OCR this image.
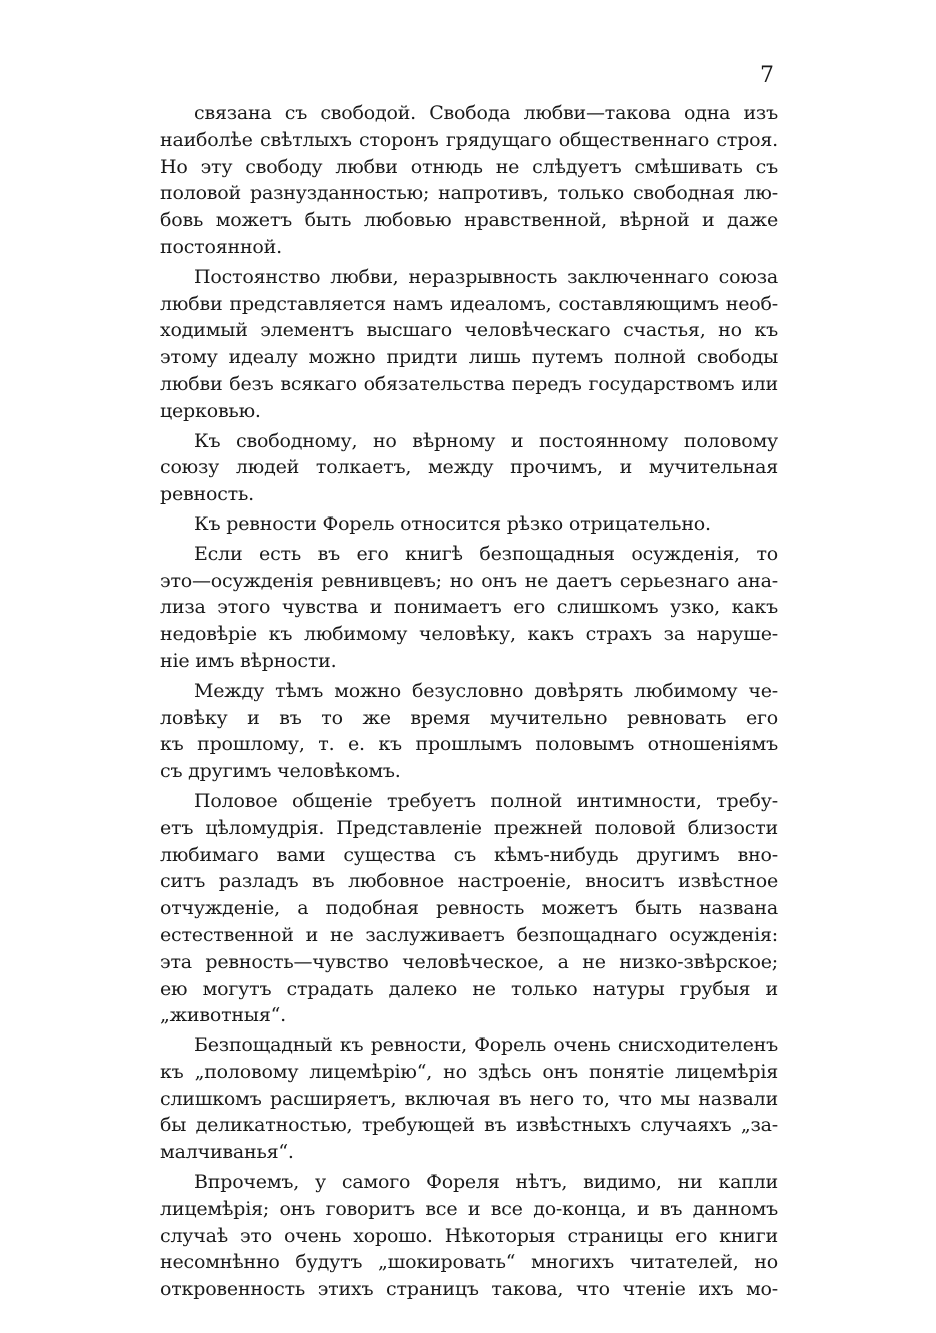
7
связана съ свободой. Свобода любви—такова одна изъ
наиболѣе свѣтлыхъ сторонъ грядущаго общественнаго строя.
Но эту свободу любви отнюдь не слѣдуетъ смѣшивать съ
половой разнузданностью; напротивъ, только свободная лю-
бовь можетъ быть любовью нравственной, вѣрной и даже
постоянной.
Постоянство любви, неразрывность заключеннаго союза
любви представляется намъ идеаломъ, составляющимъ необ-
ходимый элементъ высшаго человѣческаго счастья, но къ
этому идеалу можно придти лишь путемъ полной свободы
любви безъ всякаго обязательства передъ государствомъ или
церковью.
Къ свободному, но вѣрному и постоянному половому
союзу людей толкаетъ, между прочимъ, и мучительная
ревность.
Къ ревности Форель относится рѣзко отрицательно.
Если есть въ его книгѣ безпощадныя осужденія, то
это—осужденія ревнивцевъ; но онъ не даетъ серьезнаго ана-
лиза этого чувства и понимаетъ его слишкомъ узко, какъ
недовѣріе къ любимому человѣку, какъ страхъ за наруше-
ніе имъ вѣрности.
Между тѣмъ можно безусловно довѣрять любимому че-
ловѣку и въ то же время мучительно ревновать его
къ прошлому, т. е. къ прошлымъ половымъ отношеніямъ
съ другимъ человѣкомъ.
Половое общеніе требуетъ полной интимности, требу-
етъ цѣломудрія. Представленіе прежней половой близости
любимаго вами существа съ кѣмъ-нибудь другимъ вно-
ситъ разладъ въ любовное настроеніе, вноситъ извѣстное
отчужденіе, а подобная ревность можетъ быть названа
естественной и не заслуживаетъ безпощаднаго осужденія:
эта ревность—чувство человѣческое, а не низко-звѣрское;
ею могутъ страдать далеко не только натуры грубыя и
„животныя“.
Безпощадный къ ревности, Форель очень снисходителенъ
къ „половому лицемѣрію“, но здѣсь онъ понятіе лицемѣрія
слишкомъ расширяетъ, включая въ него то, что мы назвали
бы деликатностью, требующей въ извѣстныхъ случаяхъ „за-
малчиванья“.
Впрочемъ, у самого Фореля нѣтъ, видимо, ни капли
лицемѣрія; онъ говоритъ все и все до-конца, и въ данномъ
случаѣ это очень хорошо. Нѣкоторыя страницы его книги
несомнѣнно будутъ „шокировать“ многихъ читателей, но
откровенность этихъ страницъ такова, что чтеніе ихъ мо-
